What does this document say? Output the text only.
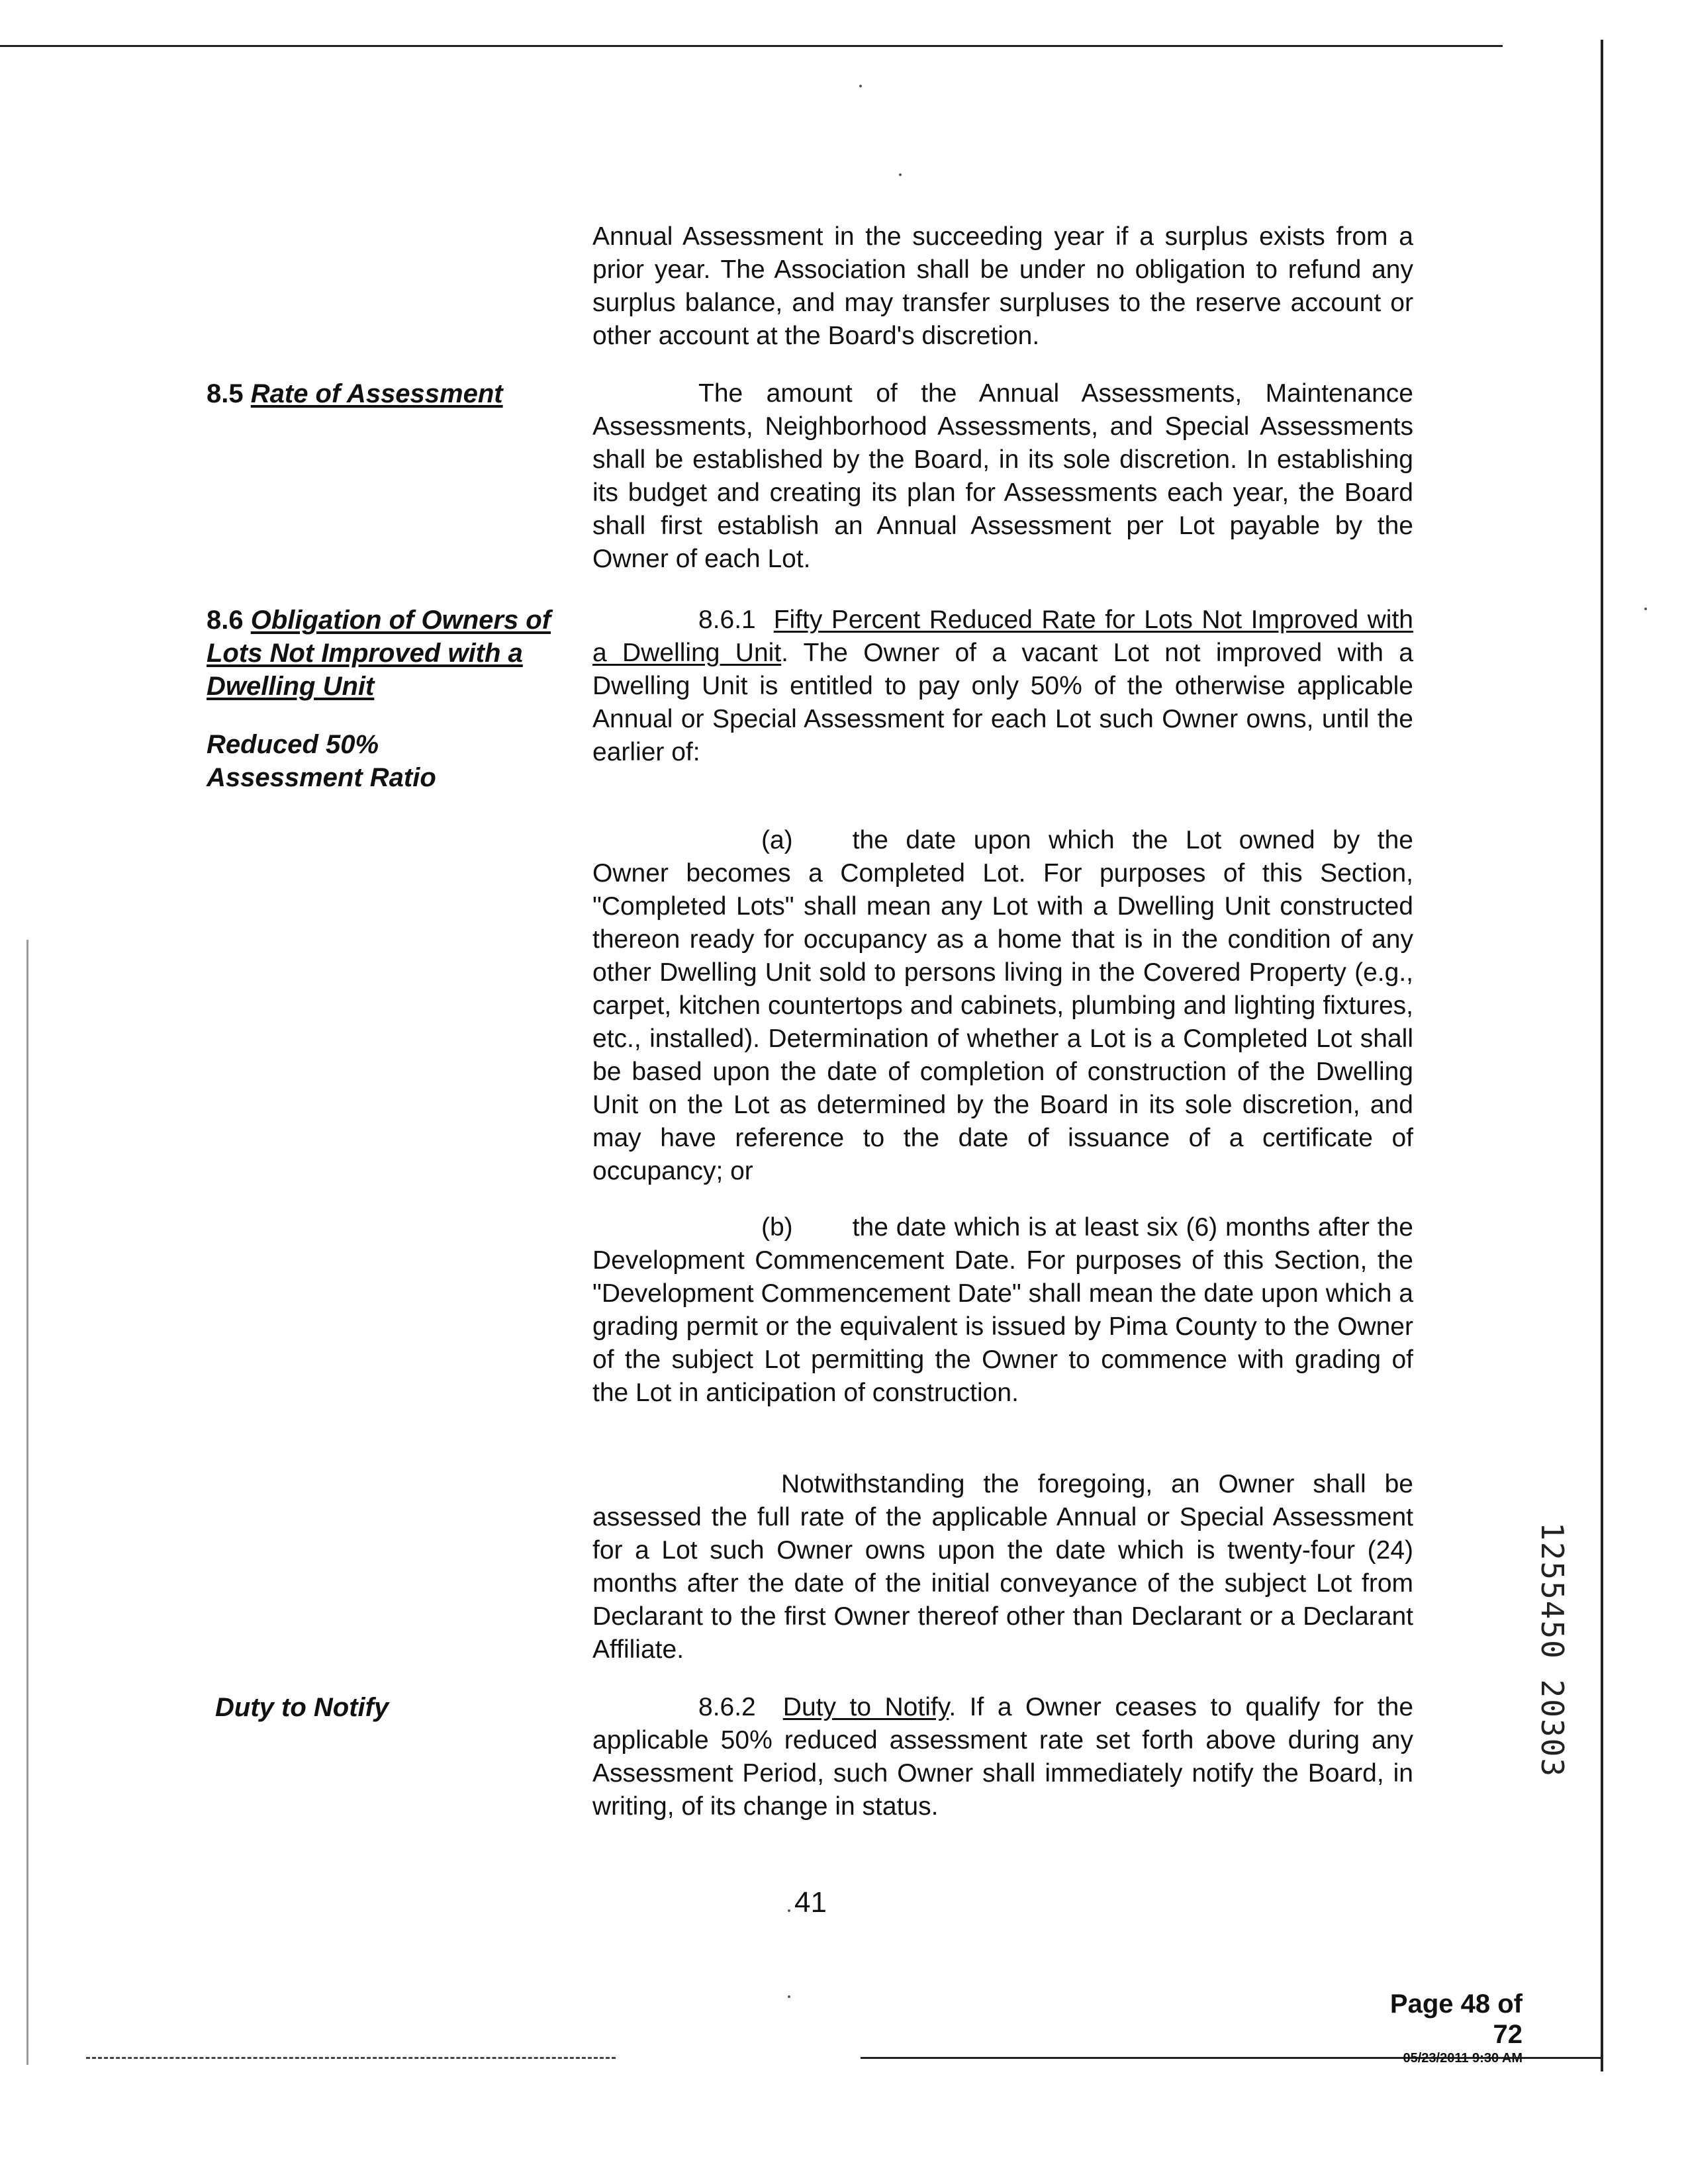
Annual Assessment in the succeeding year if a surplus exists from a prior year. The Association shall be under no obligation to refund any surplus balance, and may transfer surpluses to the reserve account or other account at the Board's discretion.
8.5 Rate of Assessment	The amount of the Annual Assessments, Maintenance Assessments, Neighborhood Assessments, and Special Assessments shall be established by the Board, in its sole discretion. In establishing its budget and creating its plan for Assessments each year, the Board shall first establish an Annual Assessment per Lot payable by the Owner of each Lot.
8.6 Obligation of Owners of Lots Not Improved with a Dwelling Unit
Reduced 50% Assessment Ratio
8.6.1 Fifty Percent Reduced Rate for Lots Not Improved with a Dwelling Unit. The Owner of a vacant Lot not improved with a Dwelling Unit is entitled to pay only 50% of the otherwise applicable Annual or Special Assessment for each Lot such Owner owns, until the earlier of:
(a) the date upon which the Lot owned by the Owner becomes a Completed Lot. For purposes of this Section, "Completed Lots" shall mean any Lot with a Dwelling Unit constructed thereon ready for occupancy as a home that is in the condition of any other Dwelling Unit sold to persons living in the Covered Property (e.g., carpet, kitchen countertops and cabinets, plumbing and lighting fixtures, etc., installed). Determination of whether a Lot is a Completed Lot shall be based upon the date of completion of construction of the Dwelling Unit on the Lot as determined by the Board in its sole discretion, and may have reference to the date of issuance of a certificate of occupancy; or
(b) the date which is at least six (6) months after the Development Commencement Date. For purposes of this Section, the "Development Commencement Date" shall mean the date upon which a grading permit or the equivalent is issued by Pima County to the Owner of the subject Lot permitting the Owner to commence with grading of the Lot in anticipation of construction.
Notwithstanding the foregoing, an Owner shall be assessed the full rate of the applicable Annual or Special Assessment for a Lot such Owner owns upon the date which is twenty-four (24) months after the date of the initial conveyance of the subject Lot from Declarant to the first Owner thereof other than Declarant or a Declarant Affiliate.
Duty to Notify	8.6.2 Duty to Notify. If a Owner ceases to qualify for the applicable 50% reduced assessment rate set forth above during any Assessment Period, such Owner shall immediately notify the Board, in writing, of its change in status.
41
Page 48 of 72
05/23/2011 9:30 AM
1255450 20303
